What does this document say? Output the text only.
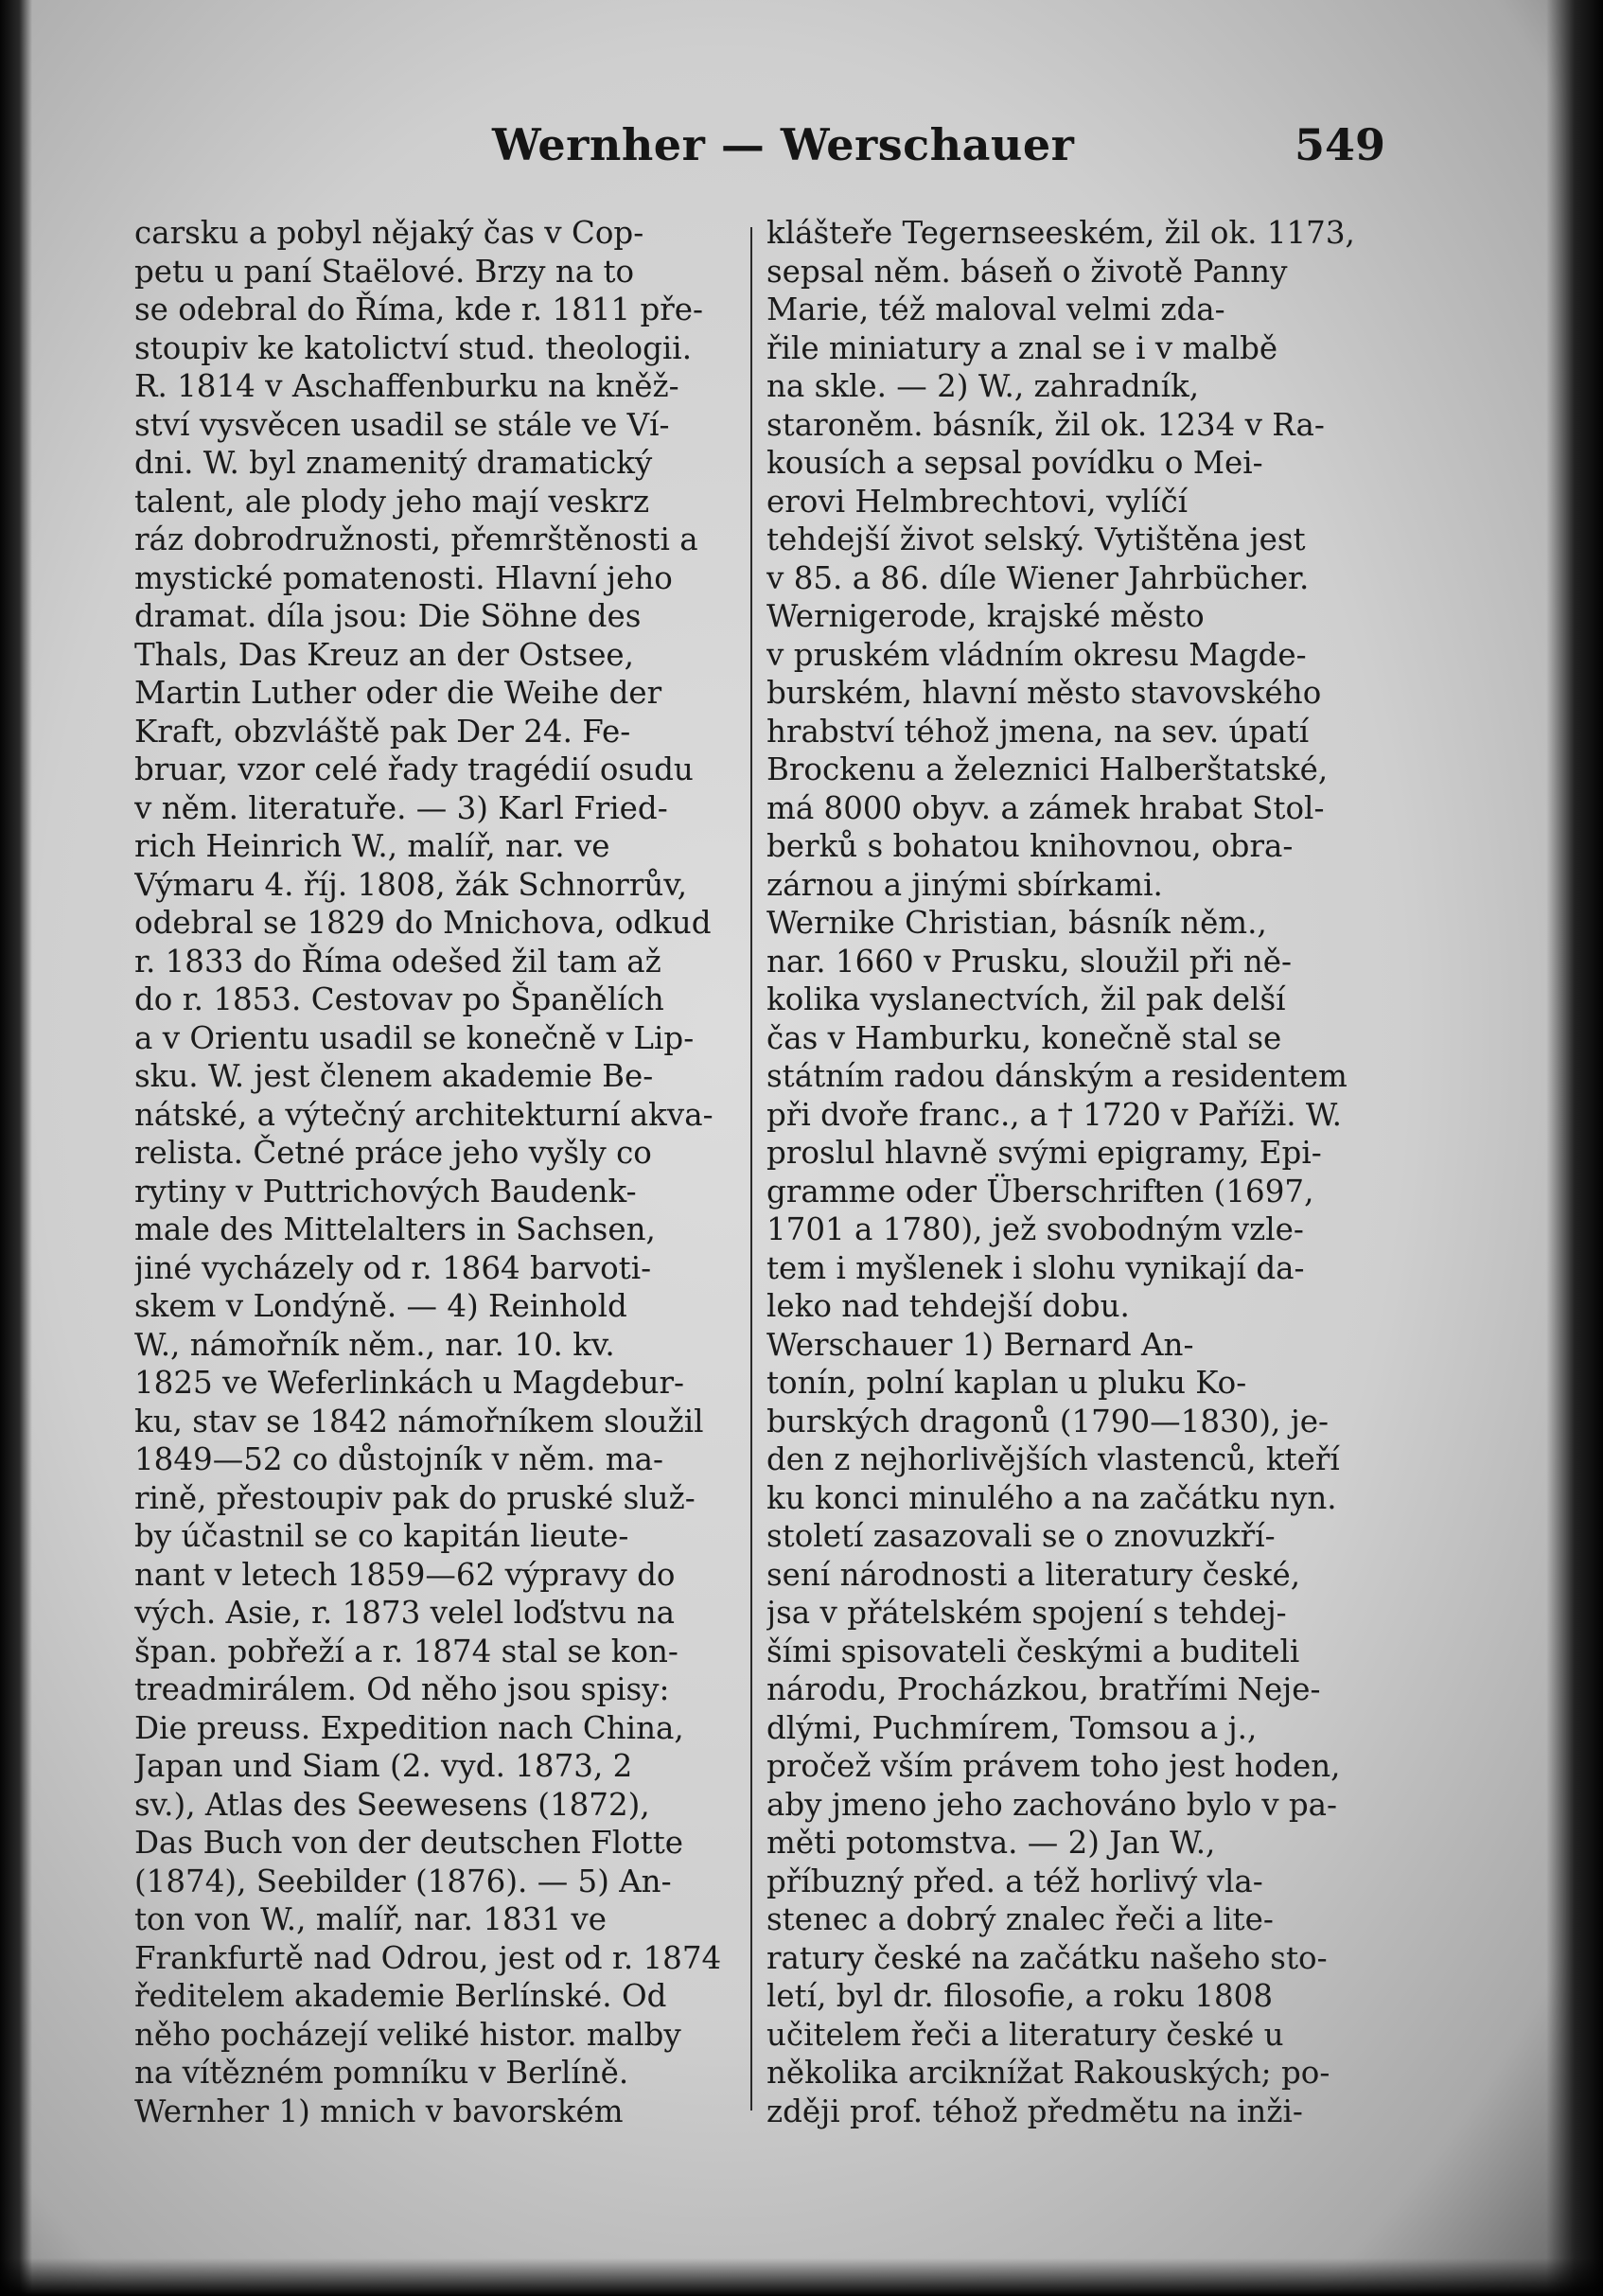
Wernher — Werschauer	549
carsku a pobyl nějaký čas v Cop-
petu u paní Staëlové. Brzy na to
se odebral do Říma, kde r. 1811 pře-
stoupiv ke katolictví stud. theologii.
R. 1814 v Aschaffenburku na kněž-
ství vysvěcen usadil se stále ve Ví-
dni. W. byl znamenitý dramatický
talent, ale plody jeho mají veskrz
ráz dobrodružnosti, přemrštěnosti a
mystické pomatenosti. Hlavní jeho
dramat. díla jsou: Die Söhne des
Thals, Das Kreuz an der Ostsee,
Martin Luther oder die Weihe der
Kraft, obzvláště pak Der 24. Fe-
bruar, vzor celé řady tragédií osudu
v něm. literatuře. — 3) Karl Fried-
rich Heinrich W., malíř, nar. ve
Výmaru 4. říj. 1808, žák Schnorrův,
odebral se 1829 do Mnichova, odkud
r. 1833 do Říma odešed žil tam až
do r. 1853. Cestovav po Španělích
a v Orientu usadil se konečně v Lip-
sku. W. jest členem akademie Be-
nátské, a výtečný architekturní akva-
relista. Četné práce jeho vyšly co
rytiny v Puttrichových Baudenk-
male des Mittelalters in Sachsen,
jiné vycházely od r. 1864 barvoti-
skem v Londýně. — 4) Reinhold
W., námořník něm., nar. 10. kv.
1825 ve Weferlinkách u Magdebur-
ku, stav se 1842 námořníkem sloužil
1849—52 co důstojník v něm. ma-
rině, přestoupiv pak do pruské služ-
by účastnil se co kapitán lieute-
nant v letech 1859—62 výpravy do
vých. Asie, r. 1873 velel loďstvu na
špan. pobřeží a r. 1874 stal se kon-
treadmirálem. Od něho jsou spisy:
Die preuss. Expedition nach China,
Japan und Siam (2. vyd. 1873, 2
sv.), Atlas des Seewesens (1872),
Das Buch von der deutschen Flotte
(1874), Seebilder (1876). — 5) An-
ton von W., malíř, nar. 1831 ve
Frankfurtě nad Odrou, jest od r. 1874
ředitelem akademie Berlínské. Od
něho pocházejí veliké histor. malby
na vítězném pomníku v Berlíně.
Wernher 1) mnich v bavorském
klášteře Tegernseeském, žil ok. 1173,
sepsal něm. báseň o životě Panny
Marie, též maloval velmi zda-
řile miniatury a znal se i v malbě
na skle. — 2) W., zahradník,
staroněm. básník, žil ok. 1234 v Ra-
kousích a sepsal povídku o Mei-
erovi Helmbrechtovi, vylíčí
tehdejší život selský. Vytištěna jest
v 85. a 86. díle Wiener Jahrbücher.
Wernigerode, krajské město
v pruském vládním okresu Magde-
burském, hlavní město stavovského
hrabství téhož jmena, na sev. úpatí
Brockenu a železnici Halberštatské,
má 8000 obyv. a zámek hrabat Stol-
berků s bohatou knihovnou, obra-
zárnou a jinými sbírkami.
Wernike Christian, básník něm.,
nar. 1660 v Prusku, sloužil při ně-
kolika vyslanectvích, žil pak delší
čas v Hamburku, konečně stal se
státním radou dánským a residentem
při dvoře franc., a † 1720 v Paříži. W.
proslul hlavně svými epigramy, Epi-
gramme oder Überschriften (1697,
1701 a 1780), jež svobodným vzle-
tem i myšlenek i slohu vynikají da-
leko nad tehdejší dobu.
Werschauer 1) Bernard An-
tonín, polní kaplan u pluku Ko-
burských dragonů (1790—1830), je-
den z nejhorlivějších vlastenců, kteří
ku konci minulého a na začátku nyn.
století zasazovali se o znovuzkří-
sení národnosti a literatury české,
jsa v přátelském spojení s tehdej-
šími spisovateli českými a buditeli
národu, Procházkou, bratřími Neje-
dlými, Puchmírem, Tomsou a j.,
pročež vším právem toho jest hoden,
aby jmeno jeho zachováno bylo v pa-
měti potomstva. — 2) Jan W.,
příbuzný před. a též horlivý vla-
stenec a dobrý znalec řeči a lite-
ratury české na začátku našeho sto-
letí, byl dr. filosofie, a roku 1808
učitelem řeči a literatury české u
několika arciknížat Rakouských; po-
zději prof. téhož předmětu na inži-
